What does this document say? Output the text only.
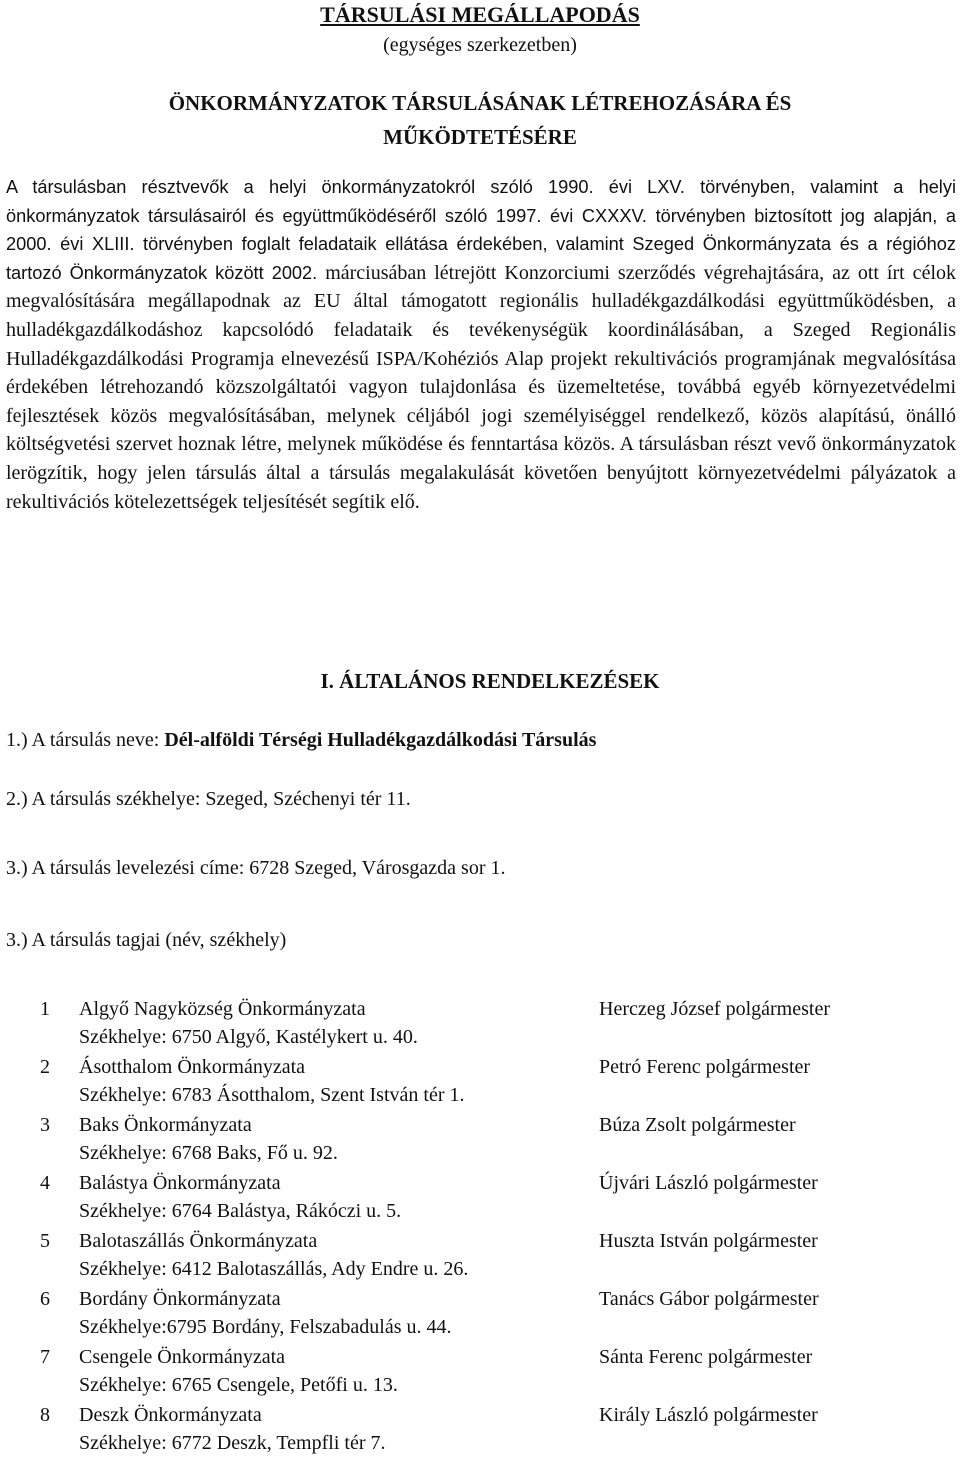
TÁRSULÁSI MEGÁLLAPODÁS
(egységes szerkezetben)
ÖNKORMÁNYZATOK TÁRSULÁSÁNAK LÉTREHOZÁSÁRA ÉS
MŰKÖDTETÉSÉRE

A társulásban résztvevők a helyi önkormányzatokról szóló 1990. évi LXV. törvényben, valamint a helyi önkormányzatok társulásairól és együttműködéséről szóló 1997. évi CXXXV. törvényben biztosított jog alapján, a 2000. évi XLIII. törvényben foglalt feladataik ellátása érdekében, valamint Szeged Önkormányzata és a régióhoz tartozó Önkormányzatok között 2002. márciusában létrejött Konzorciumi szerződés végrehajtására, az ott írt célok megvalósítására megállapodnak az EU által támogatott regionális hulladékgazdálkodási együttműködésben, a hulladékgazdálkodáshoz kapcsolódó feladataik és tevékenységük koordinálásában, a Szeged Regionális Hulladékgazdálkodási Programja elnevezésű ISPA/Kohéziós Alap projekt rekultivációs programjának megvalósítása érdekében létrehozandó közszolgáltatói vagyon tulajdonlása és üzemeltetése, továbbá egyéb környezetvédelmi fejlesztések közös megvalósításában, melynek céljából jogi személyiséggel rendelkező, közös alapítású, önálló költségvetési szervet hoznak létre, melynek működése és fenntartása közös. A társulásban részt vevő önkormányzatok lerögzítik, hogy jelen társulás által a társulás megalakulását követően benyújtott környezetvédelmi pályázatok a rekultivációs kötelezettségek teljesítését segítik elő.

I. ÁLTALÁNOS RENDELKEZÉSEK
1.) A társulás neve: Dél-alföldi Térségi Hulladékgazdálkodási Társulás
2.) A társulás székhelye: Szeged, Széchenyi tér 11.
3.) A társulás levelezési címe: 6728 Szeged, Városgazda sor 1.
3.) A társulás tagjai (név, székhely)
1 Algyő Nagyközség Önkormányzata
Székhelye: 6750 Algyő, Kastélykert u. 40.
Herczeg József polgármester
2 Ásotthalom Önkormányzata
Székhelye: 6783 Ásotthalom, Szent István tér 1.
Petró Ferenc polgármester
3 Baks Önkormányzata
Székhelye: 6768 Baks, Fő u. 92.
Búza Zsolt polgármester
4 Balástya Önkormányzata
Székhelye: 6764 Balástya, Rákóczi u. 5.
Újvári László polgármester
5 Balotaszállás Önkormányzata
Székhelye: 6412 Balotaszállás, Ady Endre u. 26.
Huszta István polgármester
6 Bordány Önkormányzata
Székhelye:6795 Bordány, Felszabadulás u. 44.
Tanács Gábor polgármester
7 Csengele Önkormányzata
Székhelye: 6765 Csengele, Petőfi u. 13.
Sánta Ferenc polgármester
8 Deszk Önkormányzata
Székhelye: 6772 Deszk, Tempfli tér 7.
Király László polgármester
